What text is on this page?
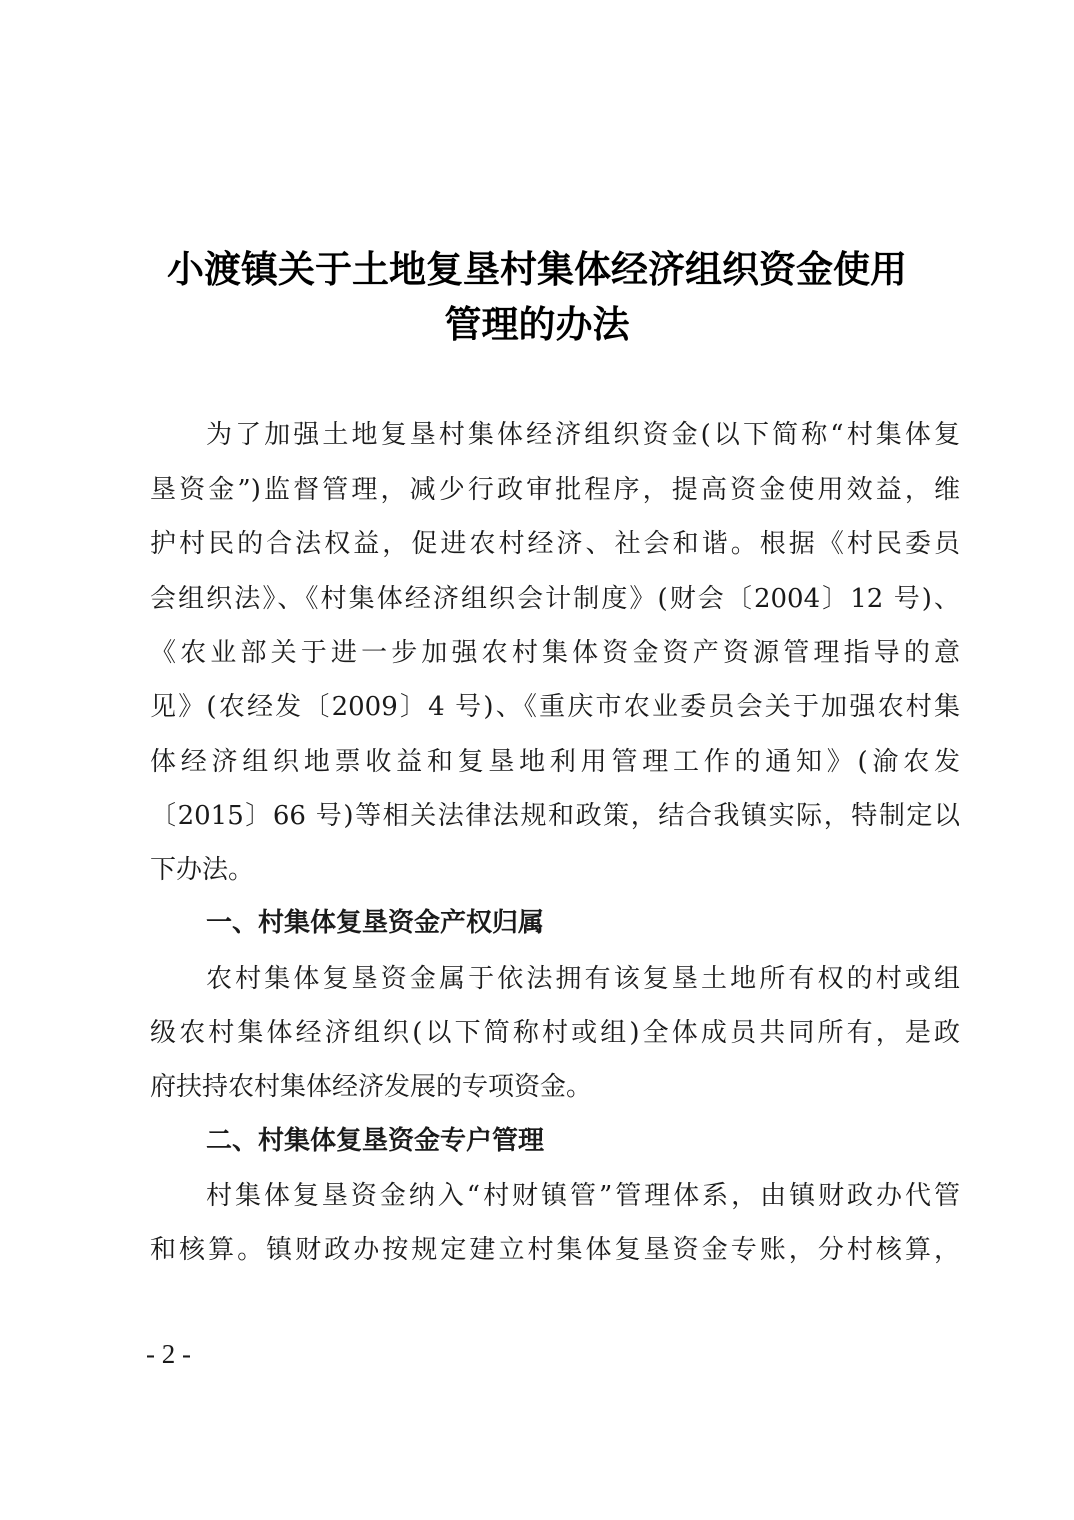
小渡镇关于土地复垦村集体经济组织资金使用
管理的办法
为了加强土地复垦村集体经济组织资金(以下简称“村集体复
垦资金”)监督管理，减少行政审批程序，提高资金使用效益，维
护村民的合法权益，促进农村经济、社会和谐。根据《村民委员
会组织法》、《村集体经济组织会计制度》(财会〔2004〕12 号)、
《农业部关于进一步加强农村集体资金资产资源管理指导的意
见》(农经发〔2009〕4 号)、《重庆市农业委员会关于加强农村集
体经济组织地票收益和复垦地利用管理工作的通知》(渝农发
〔2015〕66 号)等相关法律法规和政策，结合我镇实际，特制定以
下办法。
一、村集体复垦资金产权归属
农村集体复垦资金属于依法拥有该复垦土地所有权的村或组
级农村集体经济组织(以下简称村或组)全体成员共同所有，是政
府扶持农村集体经济发展的专项资金。
二、村集体复垦资金专户管理
村集体复垦资金纳入“村财镇管”管理体系，由镇财政办代管
和核算。镇财政办按规定建立村集体复垦资金专账，分村核算，
- 2 -
